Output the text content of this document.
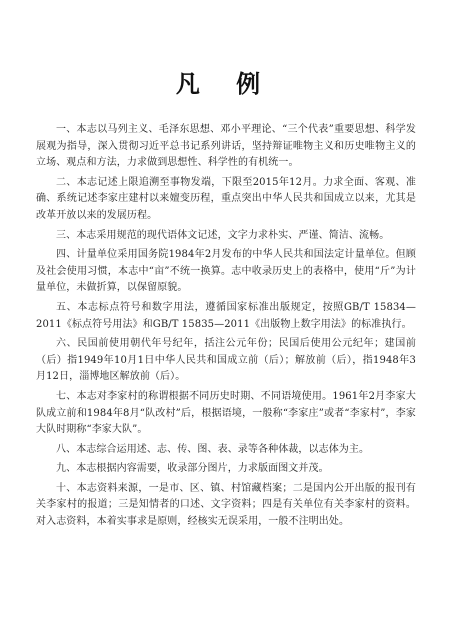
凡 例

一、本志以马列主义、毛泽东思想、邓小平理论、“三个代表”重要思想、科学发展观为指导，深入贯彻习近平总书记系列讲话，坚持辩证唯物主义和历史唯物主义的立场、观点和方法，力求做到思想性、科学性的有机统一。

二、本志记述上限追溯至事物发端，下限至2015年12月。力求全面、客观、准确、系统记述李家庄建村以来嬗变历程，重点突出中华人民共和国成立以来，尤其是改革开放以来的发展历程。

三、本志采用规范的现代语体文记述，文字力求朴实、严谨、简洁、流畅。

四、计量单位采用国务院1984年2月发布的中华人民共和国法定计量单位。但顾及社会使用习惯，本志中“亩”不统一换算。志中收录历史上的表格中，使用“斤”为计量单位，未做折算，以保留原貌。

五、本志标点符号和数字用法，遵循国家标准出版规定，按照GB/T 15834—2011《标点符号用法》和GB/T 15835—2011《出版物上数字用法》的标准执行。

六、民国前使用朝代年号纪年，括注公元年份；民国后使用公元纪年；建国前（后）指1949年10月1日中华人民共和国成立前（后）；解放前（后），指1948年3月12日，淄博地区解放前（后）。

七、本志对李家村的称谓根据不同历史时期、不同语境使用。1961年2月李家大队成立前和1984年8月“队改村”后，根据语境，一般称“李家庄”或者“李家村”，李家大队时期称“李家大队”。

八、本志综合运用述、志、传、图、表、录等各种体裁，以志体为主。

九、本志根据内容需要，收录部分图片，力求版面图文并茂。

十、本志资料来源，一是市、区、镇、村馆藏档案；二是国内公开出版的报刊有关李家村的报道；三是知情者的口述、文字资料；四是有关单位有关李家村的资料。对入志资料，本着实事求是原则，经核实无误采用，一般不注明出处。
